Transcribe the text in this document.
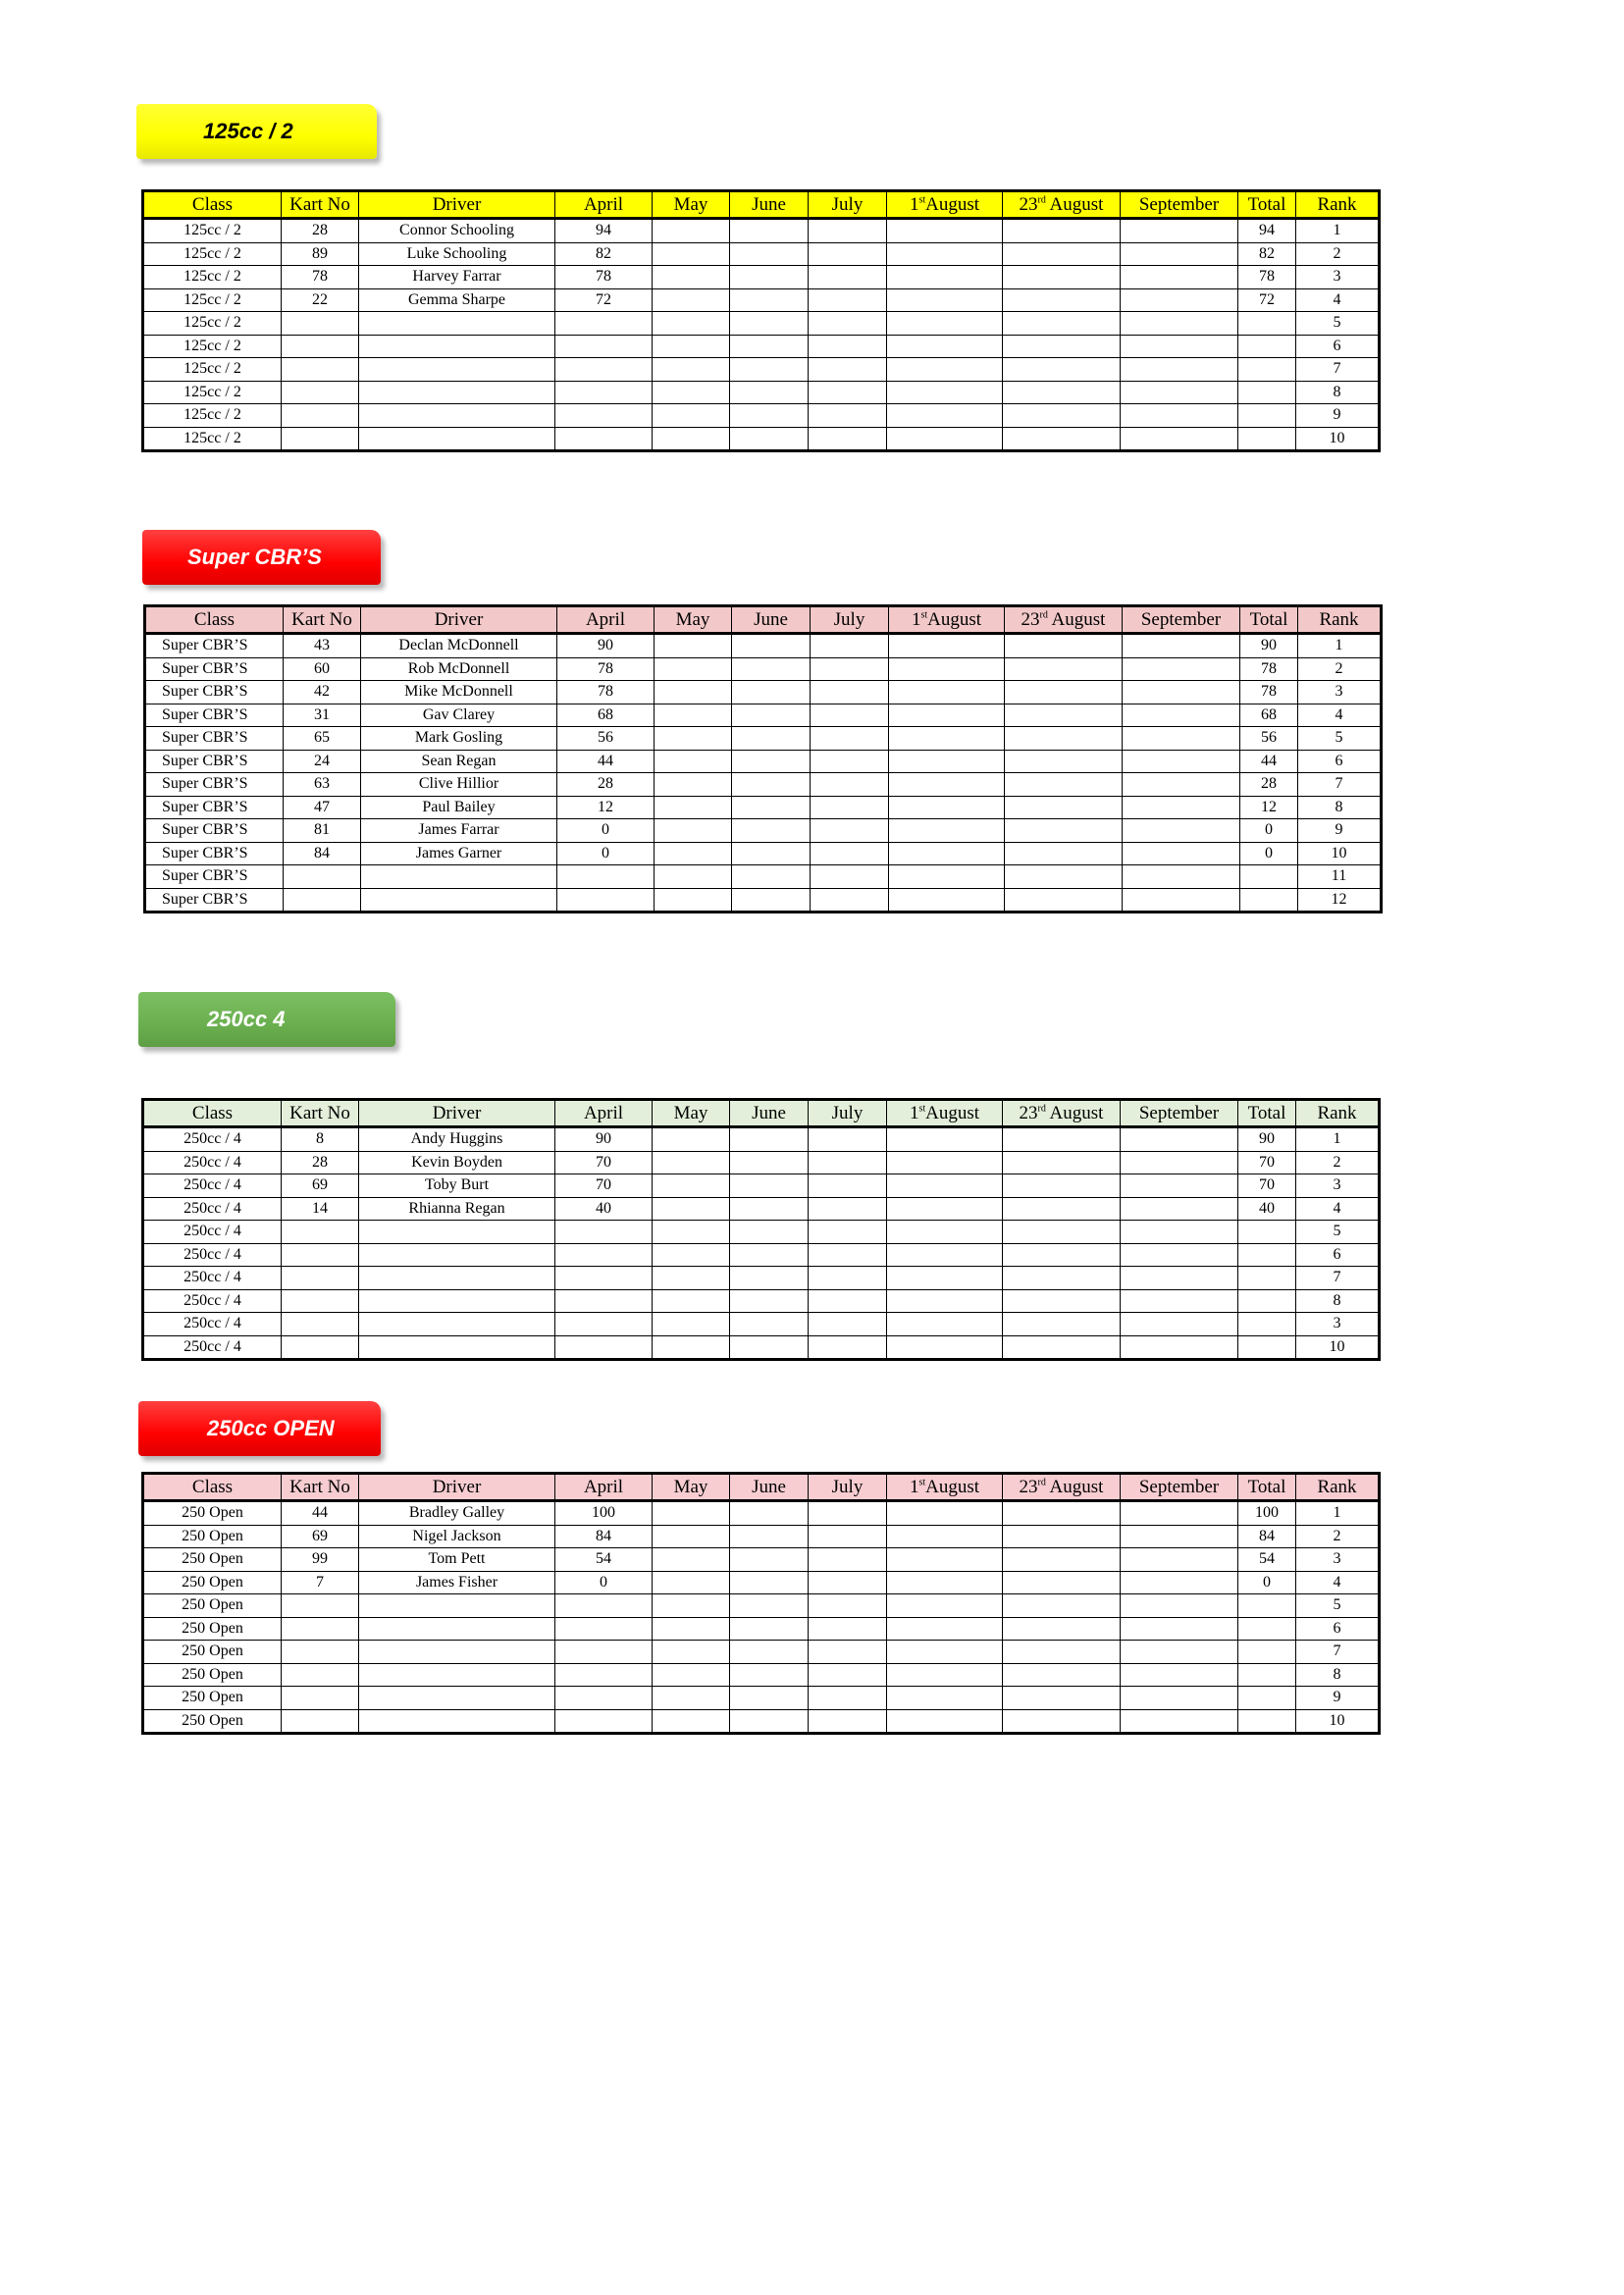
125cc / 2
Class	Kart No	Driver	April	May	June	July	1stAugust	23rd August	September	Total	Rank
125cc / 2	28	Connor Schooling	94							94	1
125cc / 2	89	Luke Schooling	82							82	2
125cc / 2	78	Harvey Farrar	78							78	3
125cc / 2	22	Gemma Sharpe	72							72	4
125cc / 2											5
125cc / 2											6
125cc / 2											7
125cc / 2											8
125cc / 2											9
125cc / 2											10
Super CBR’S
Class	Kart No	Driver	April	May	June	July	1stAugust	23rd August	September	Total	Rank
Super CBR’S	43	Declan McDonnell	90							90	1
Super CBR’S	60	Rob McDonnell	78							78	2
Super CBR’S	42	Mike McDonnell	78							78	3
Super CBR’S	31	Gav Clarey	68							68	4
Super CBR’S	65	Mark Gosling	56							56	5
Super CBR’S	24	Sean Regan	44							44	6
Super CBR’S	63	Clive Hillior	28							28	7
Super CBR’S	47	Paul Bailey	12							12	8
Super CBR’S	81	James Farrar	0							0	9
Super CBR’S	84	James Garner	0							0	10
Super CBR’S											11
Super CBR’S											12
250cc 4
Class	Kart No	Driver	April	May	June	July	1stAugust	23rd August	September	Total	Rank
250cc / 4	8	Andy Huggins	90							90	1
250cc / 4	28	Kevin Boyden	70							70	2
250cc / 4	69	Toby Burt	70							70	3
250cc / 4	14	Rhianna Regan	40							40	4
250cc / 4											5
250cc / 4											6
250cc / 4											7
250cc / 4											8
250cc / 4											3
250cc / 4											10
250cc OPEN
Class	Kart No	Driver	April	May	June	July	1stAugust	23rd August	September	Total	Rank
250 Open	44	Bradley Galley	100							100	1
250 Open	69	Nigel Jackson	84							84	2
250 Open	99	Tom Pett	54							54	3
250 Open	7	James Fisher	0							0	4
250 Open											5
250 Open											6
250 Open											7
250 Open											8
250 Open											9
250 Open											10
